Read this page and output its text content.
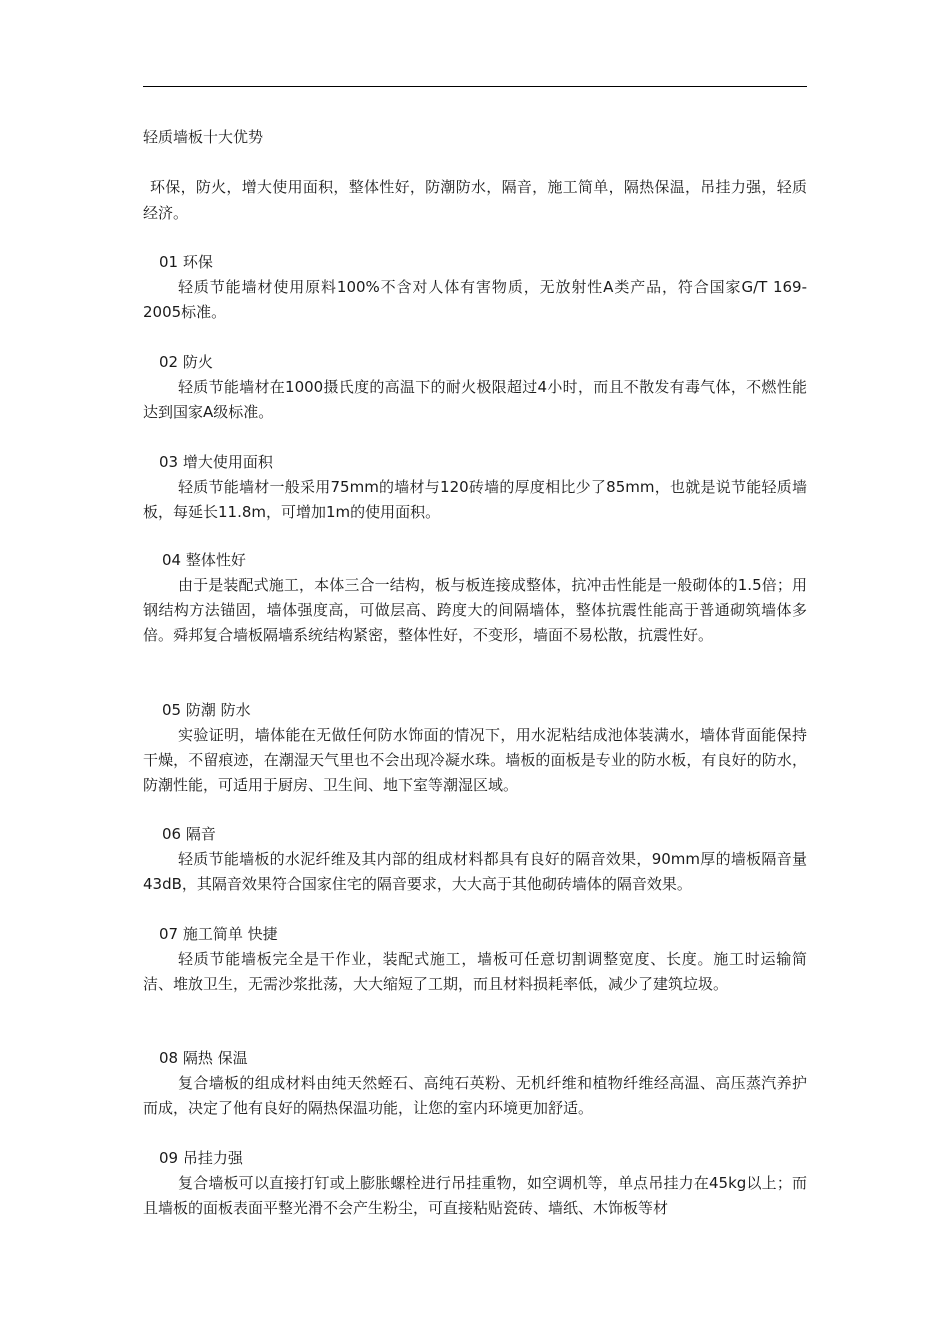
轻质墙板十大优势
环保，防火，增大使用面积，整体性好，防潮防水，隔音，施工简单，隔热保温，吊挂力强，轻质经济。
01 环保
轻质节能墙材使用原料100%不含对人体有害物质，无放射性A类产品，符合国家G/T 169-2005标准。
02 防火
轻质节能墙材在1000摄氏度的高温下的耐火极限超过4小时，而且不散发有毒气体，不燃性能达到国家A级标准。
03 增大使用面积
轻质节能墙材一般采用75mm的墙材与120砖墙的厚度相比少了85mm，也就是说节能轻质墙板，每延长11.8m，可增加1m的使用面积。
04 整体性好
由于是装配式施工，本体三合一结构，板与板连接成整体，抗冲击性能是一般砌体的1.5倍；用钢结构方法锚固，墙体强度高，可做层高、跨度大的间隔墙体，整体抗震性能高于普通砌筑墙体多倍。舜邦复合墙板隔墙系统结构紧密，整体性好，不变形，墙面不易松散，抗震性好。
05 防潮 防水
实验证明，墙体能在无做任何防水饰面的情况下，用水泥粘结成池体装满水，墙体背面能保持干燥，不留痕迹，在潮湿天气里也不会出现冷凝水珠。墙板的面板是专业的防水板，有良好的防水，防潮性能，可适用于厨房、卫生间、地下室等潮湿区域。
06 隔音
轻质节能墙板的水泥纤维及其内部的组成材料都具有良好的隔音效果，90mm厚的墙板隔音量43dB，其隔音效果符合国家住宅的隔音要求，大大高于其他砌砖墙体的隔音效果。
07 施工简单 快捷
轻质节能墙板完全是干作业，装配式施工，墙板可任意切割调整宽度、长度。施工时运输简洁、堆放卫生，无需沙浆批荡，大大缩短了工期，而且材料损耗率低，减少了建筑垃圾。
08 隔热 保温
复合墙板的组成材料由纯天然蛭石、高纯石英粉、无机纤维和植物纤维经高温、高压蒸汽养护而成，决定了他有良好的隔热保温功能，让您的室内环境更加舒适。
09 吊挂力强
复合墙板可以直接打钉或上膨胀螺栓进行吊挂重物，如空调机等，单点吊挂力在45kg以上；而且墙板的面板表面平整光滑不会产生粉尘，可直接粘贴瓷砖、墙纸、木饰板等材
